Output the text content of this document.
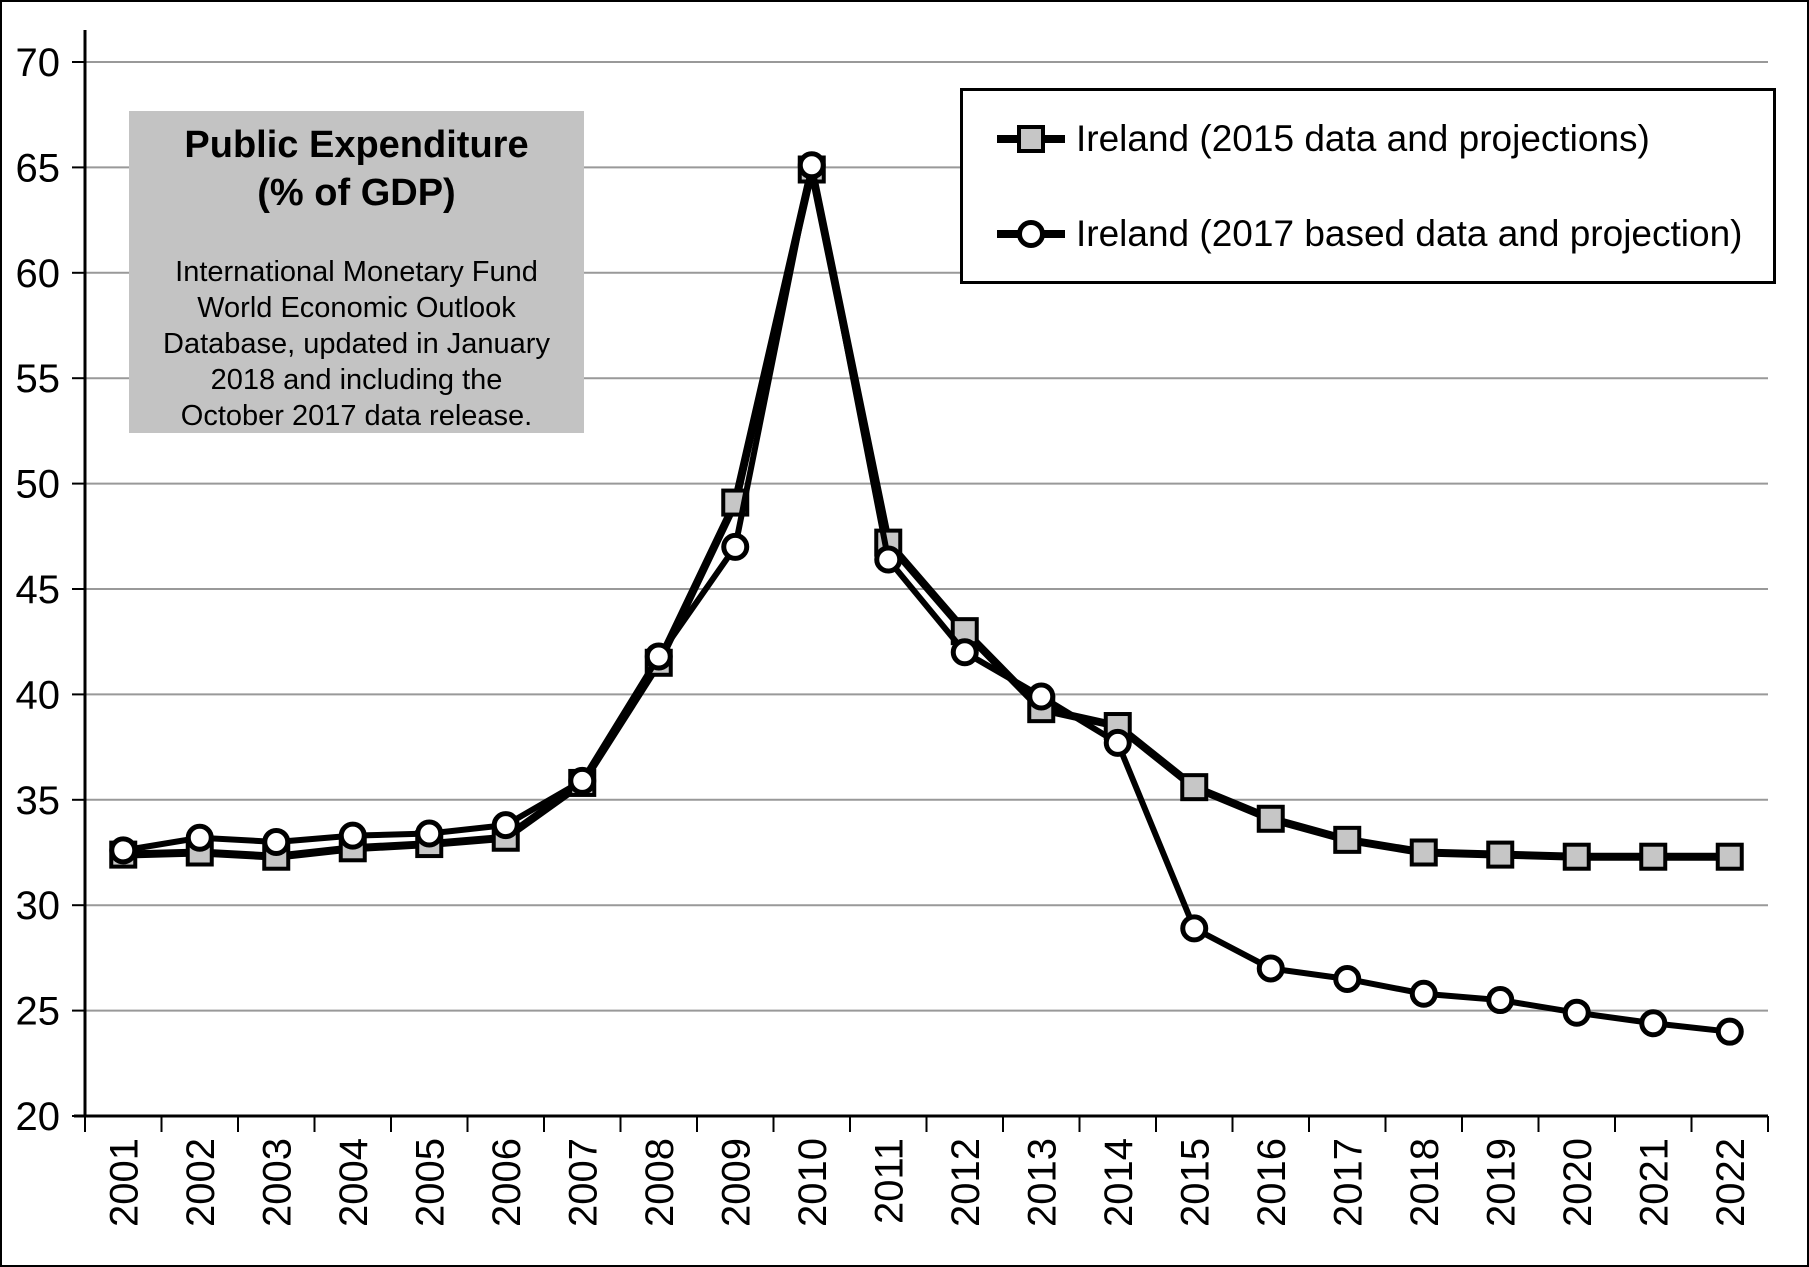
20
25
30
35
40
45
50
55
60
65
70
2001 2002 2003 2004 2005 2006 2007 2008 2009 2010 2011 2012 2013 2014 2015 2016 2017 2018 2019 2020 2021 2022
Public Expenditure
(% of GDP)
International Monetary Fund
World Economic Outlook
Database, updated in January
2018 and including the
October 2017 data release.
Ireland (2015 data and projections)
Ireland (2017 based data and projection)
